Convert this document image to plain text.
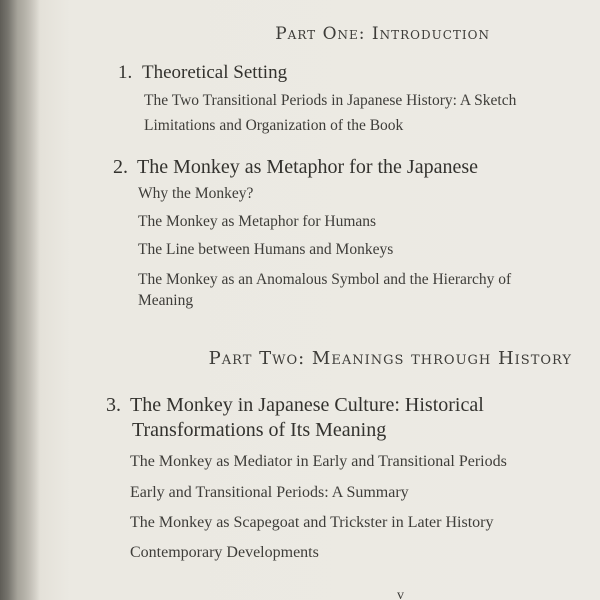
Part One: Introduction
1. Theoretical Setting
The Two Transitional Periods in Japanese History: A Sketch
Limitations and Organization of the Book
2. The Monkey as Metaphor for the Japanese
Why the Monkey?
The Monkey as Metaphor for Humans
The Line between Humans and Monkeys
The Monkey as an Anomalous Symbol and the Hierarchy of Meaning
Part Two: Meanings through History
3. The Monkey in Japanese Culture: Historical
Transformations of Its Meaning
The Monkey as Mediator in Early and Transitional Periods
Early and Transitional Periods: A Summary
The Monkey as Scapegoat and Trickster in Later History
Contemporary Developments
v
